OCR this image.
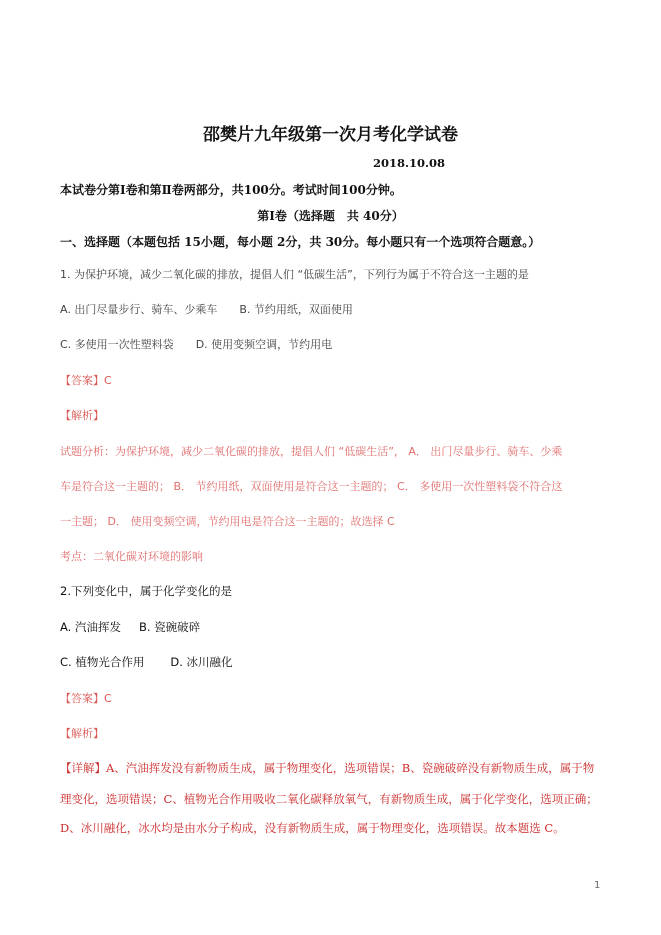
邵樊片九年级第一次月考化学试卷
2018.10.08
本试卷分第Ⅰ卷和第Ⅱ卷两部分，共100分。考试时间100分钟。
第Ⅰ卷（选择题　共 40分）
一、选择题（本题包括 15小题，每小题 2分，共 30分。每小题只有一个选项符合题意。）
1. 为保护环境，减少二氧化碳的排放，提倡人们 “低碳生活”，下列行为属于不符合这一主题的是
A. 出门尽量步行、骑车、少乘车 B. 节约用纸，双面使用
C. 多使用一次性塑料袋 D. 使用变频空调，节约用电
【答案】C
【解析】
试题分析：为保护环境，减少二氧化碳的排放，提倡人们 “低碳生活”， A． 出门尽量步行、骑车、少乘
车是符合这一主题的； B． 节约用纸，双面使用是符合这一主题的； C． 多使用一次性塑料袋不符合这
一主题； D． 使用变频空调，节约用电是符合这一主题的；故选择 C
考点：二氧化碳对环境的影响
2.下列变化中，属于化学变化的是
A. 汽油挥发 B. 瓷碗破碎
C. 植物光合作用 D. 冰川融化
【答案】C
【解析】
【详解】A、汽油挥发没有新物质生成，属于物理变化，选项错误；B、瓷碗破碎没有新物质生成，属于物
理变化，选项错误；C、植物光合作用吸收二氧化碳释放氧气，有新物质生成，属于化学变化，选项正确；
D、冰川融化，冰水均是由水分子构成，没有新物质生成，属于物理变化，选项错误。故本题选 C。
1
